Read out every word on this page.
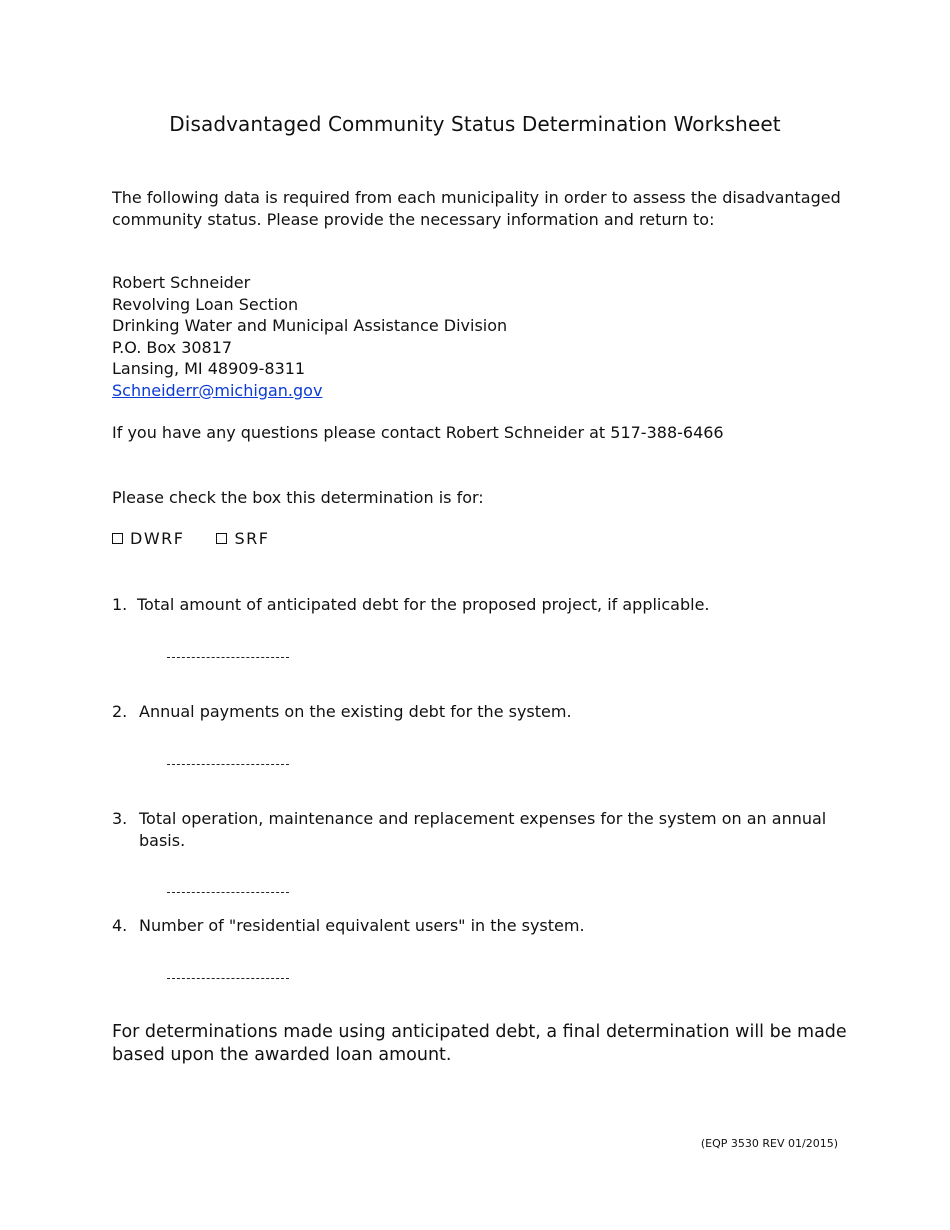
Disadvantaged Community Status Determination Worksheet
The following data is required from each municipality in order to assess the disadvantaged community status. Please provide the necessary information and return to:
Robert Schneider
Revolving Loan Section
Drinking Water and Municipal Assistance Division
P.O. Box 30817
Lansing, MI 48909-8311
Schneiderr@michigan.gov
If you have any questions please contact Robert Schneider at 517-388-6466
Please check the box this determination is for:
DWRF	SRF
1. Total amount of anticipated debt for the proposed project, if applicable.
2. Annual payments on the existing debt for the system.
3. Total operation, maintenance and replacement expenses for the system on an annual basis.
4. Number of "residential equivalent users" in the system.
For determinations made using anticipated debt, a final determination will be made based upon the awarded loan amount.
(EQP 3530 REV 01/2015)
